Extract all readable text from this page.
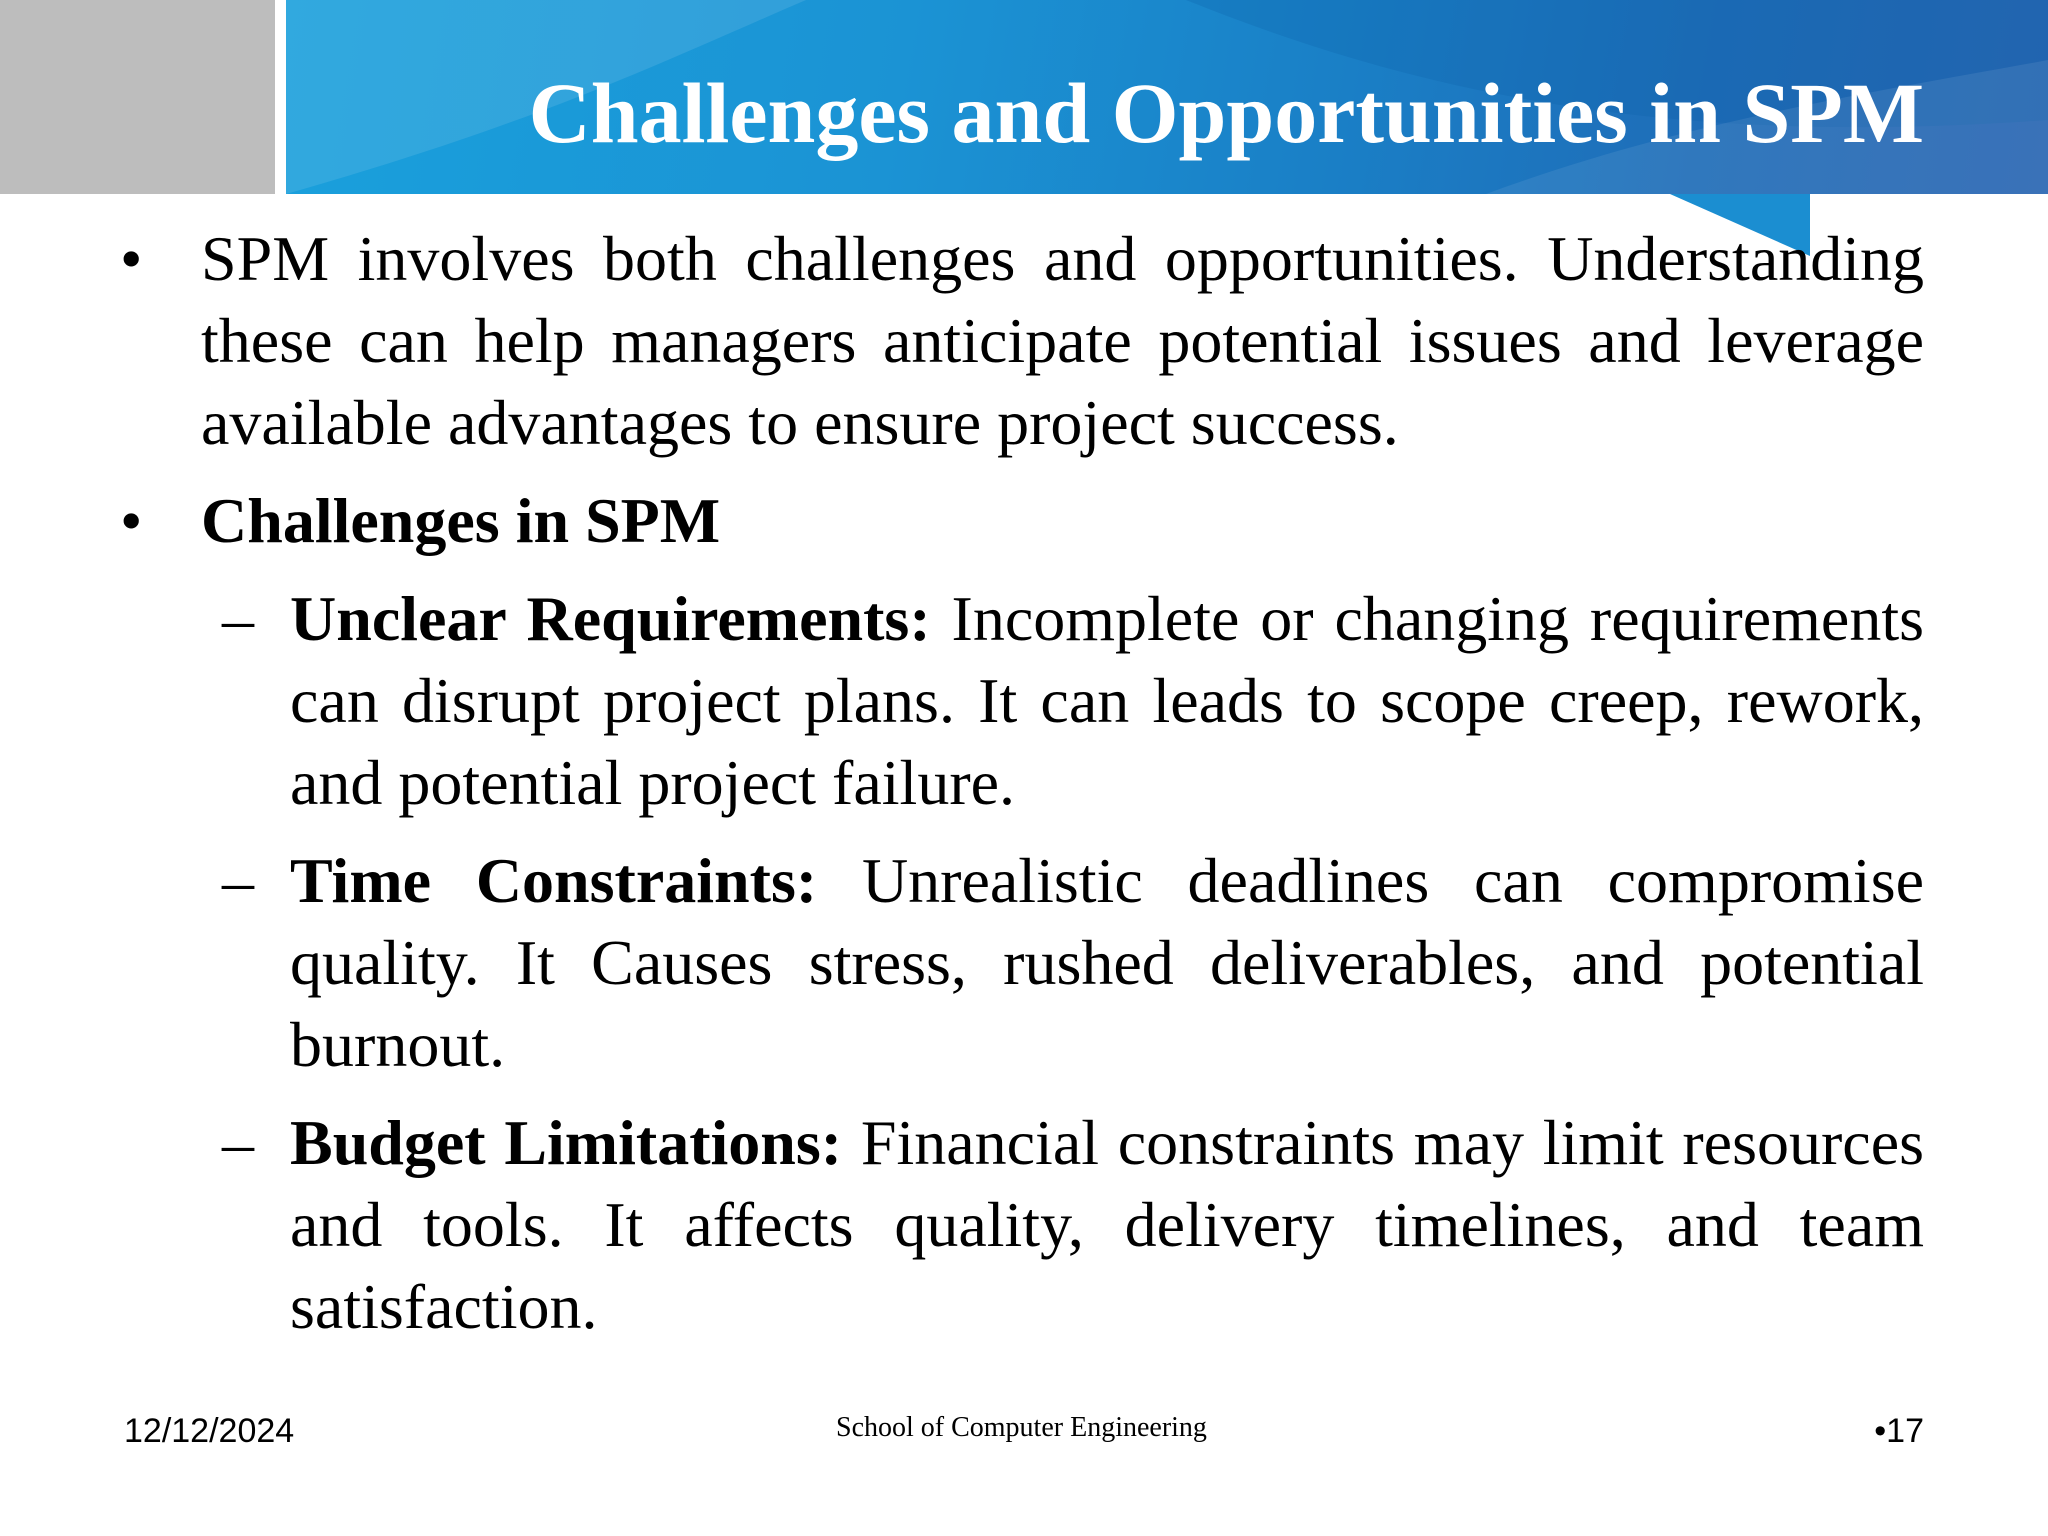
Challenges and Opportunities in SPM
• SPM involves both challenges and opportunities. Understanding these can help managers anticipate potential issues and leverage available advantages to ensure project success.
• Challenges in SPM
– Unclear Requirements: Incomplete or changing requirements can disrupt project plans. It can leads to scope creep, rework, and potential project failure.
– Time Constraints: Unrealistic deadlines can compromise quality. It Causes stress, rushed deliverables, and potential burnout.
– Budget Limitations: Financial constraints may limit resources and tools. It affects quality, delivery timelines, and team satisfaction.
12/12/2024	School of Computer Engineering	•17
